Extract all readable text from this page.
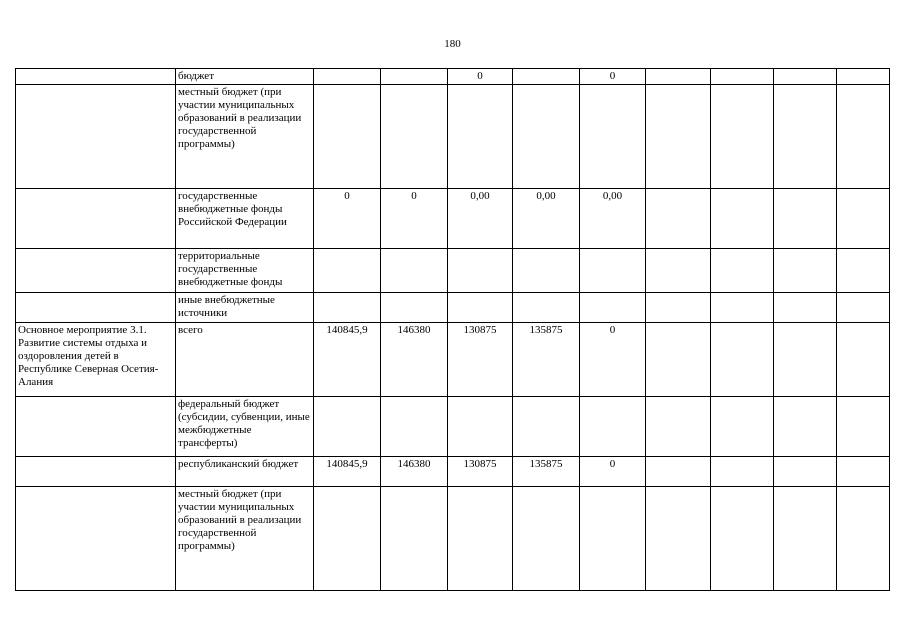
180
	бюджет			0		0				
	местный бюджет (при участии муниципальных образований в реализации государственной программы)									
	государственные внебюджетные фонды Российской Федерации	0	0	0,00	0,00	0,00				
	территориальные государственные внебюджетные фонды									
	иные внебюджетные источники									
Основное мероприятие 3.1. Развитие системы отдыха и оздоровления детей в Республике Северная Осетия-Алания	всего	140845,9	146380	130875	135875	0				
	федеральный бюджет (субсидии, субвенции, иные межбюджетные трансферты)									
	республиканский бюджет	140845,9	146380	130875	135875	0				
	местный бюджет (при участии муниципальных образований в реализации государственной программы)									
